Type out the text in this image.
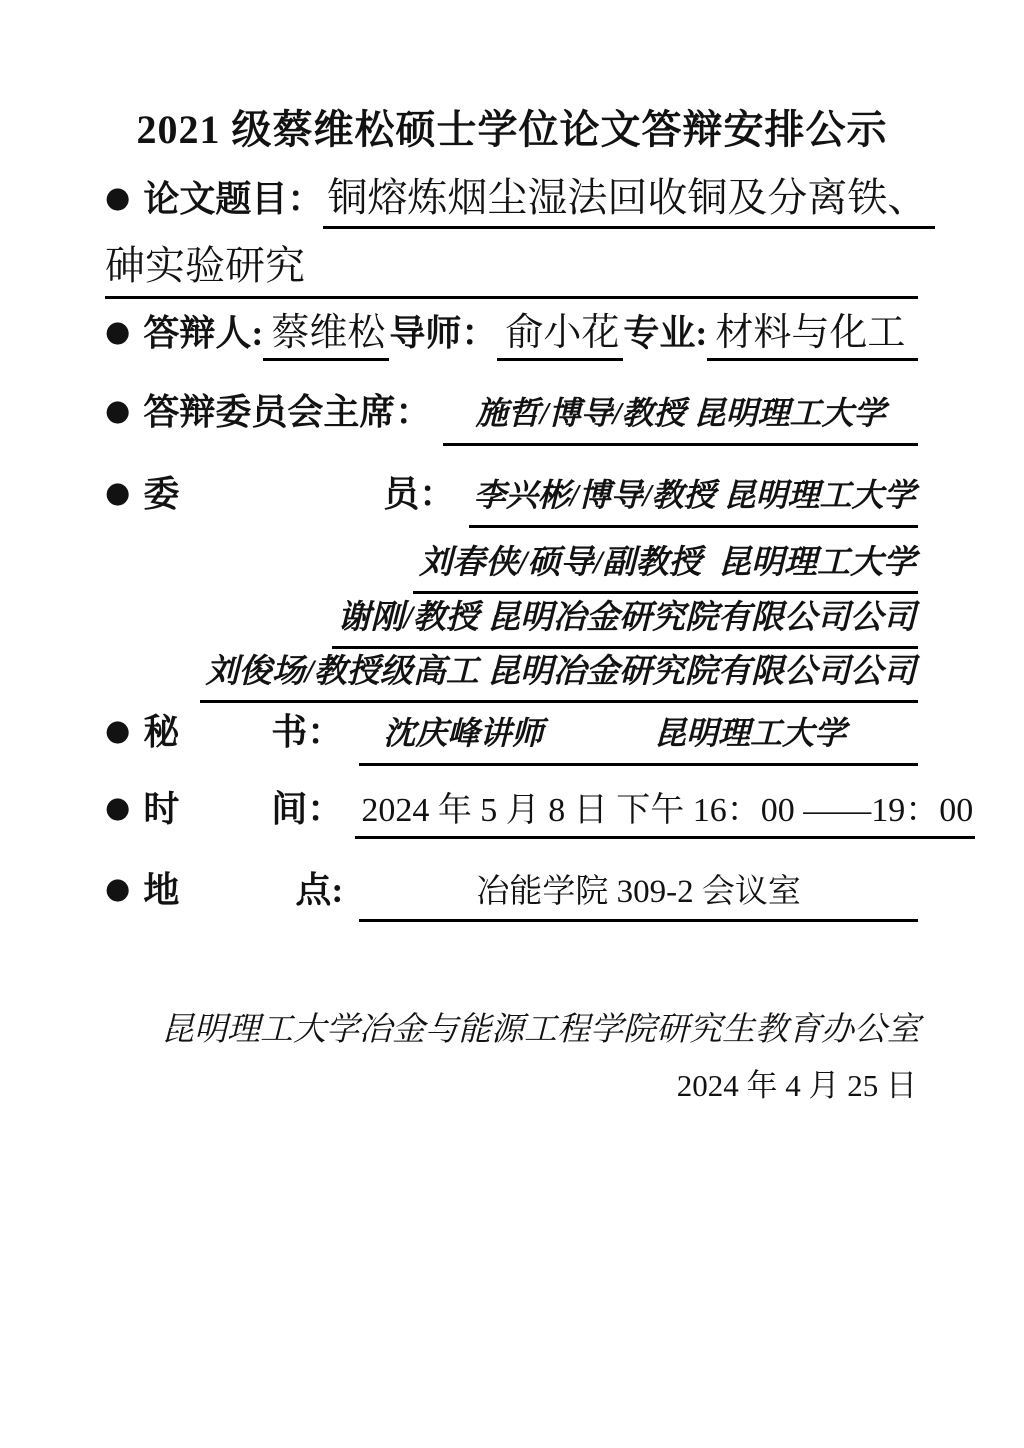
2021 级蔡维松硕士学位论文答辩安排公示
● 论文题目： 铜熔炼烟尘湿法回收铜及分离铁、
砷实验研究
● 答辩人: 蔡维松 导师： 俞小花 专业: 材料与化工
● 答辩委员会主席：	施哲/博导/教授 昆明理工大学
● 委	员： 李兴彬/博导/教授 昆明理工大学
刘春侠/硕导/副教授  昆明理工大学
谢刚/教授 昆明冶金研究院有限公司公司
刘俊场/教授级高工 昆明冶金研究院有限公司公司
● 秘	书： 沈庆峰讲师	昆明理工大学
● 时	间： 2024 年 5 月 8 日 下午 16：00 ——19：00
● 地	点:	冶能学院 309-2 会议室
昆明理工大学冶金与能源工程学院研究生教育办公室
2024 年 4 月 25 日
